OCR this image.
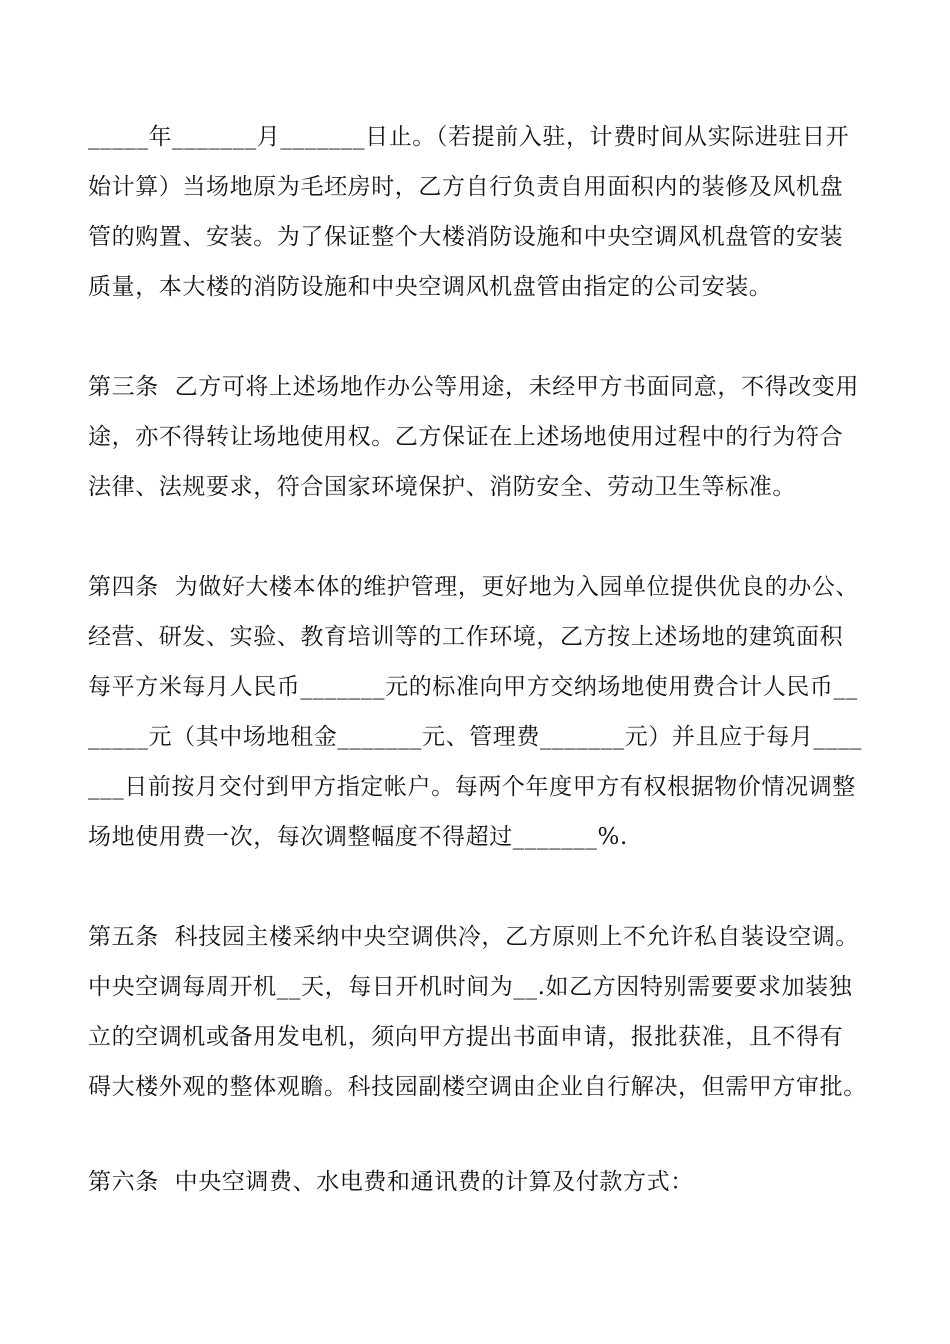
_____年_______月_______日止。（若提前入驻，计费时间从实际进驻日开
始计算）当场地原为毛坯房时，乙方自行负责自用面积内的装修及风机盘
管的购置、安装。为了保证整个大楼消防设施和中央空调风机盘管的安装
质量，本大楼的消防设施和中央空调风机盘管由指定的公司安装。
第三条  乙方可将上述场地作办公等用途，未经甲方书面同意，不得改变用
途，亦不得转让场地使用权。乙方保证在上述场地使用过程中的行为符合
法律、法规要求，符合国家环境保护、消防安全、劳动卫生等标准。
第四条  为做好大楼本体的维护管理，更好地为入园单位提供优良的办公、
经营、研发、实验、教育培训等的工作环境，乙方按上述场地的建筑面积
每平方米每月人民币_______元的标准向甲方交纳场地使用费合计人民币__
_____元（其中场地租金_______元、管理费_______元）并且应于每月____
___日前按月交付到甲方指定帐户。每两个年度甲方有权根据物价情况调整
场地使用费一次，每次调整幅度不得超过_______%.
第五条  科技园主楼采纳中央空调供冷，乙方原则上不允许私自装设空调。
中央空调每周开机__天，每日开机时间为__.如乙方因特别需要要求加装独
立的空调机或备用发电机，须向甲方提出书面申请，报批获准，且不得有
碍大楼外观的整体观瞻。科技园副楼空调由企业自行解决，但需甲方审批。
第六条  中央空调费、水电费和通讯费的计算及付款方式：
